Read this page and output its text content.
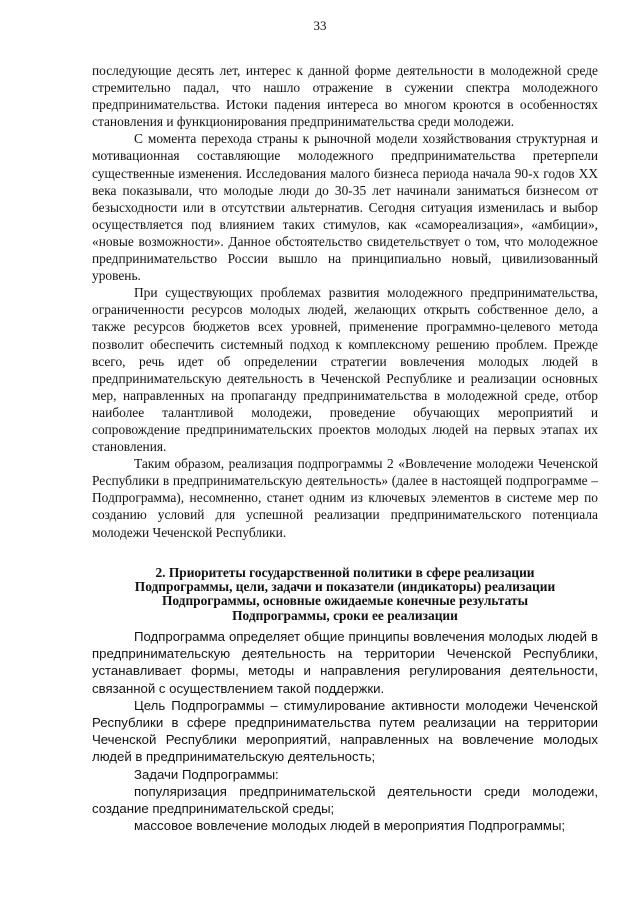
33

последующие десять лет, интерес к данной форме деятельности в молодежной среде стремительно падал, что нашло отражение в сужении спектра молодежного предпринимательства. Истоки падения интереса во многом кроются в особенностях становления и функционирования предпринимательства среди молодежи.

С момента перехода страны к рыночной модели хозяйствования структурная и мотивационная составляющие молодежного предпринимательства претерпели существенные изменения. Исследования малого бизнеса периода начала 90-х годов XX века показывали, что молодые люди до 30-35 лет начинали заниматься бизнесом от безысходности или в отсутствии альтернатив. Сегодня ситуация изменилась и выбор осуществляется под влиянием таких стимулов, как «самореализация», «амбиции», «новые возможности». Данное обстоятельство свидетельствует о том, что молодежное предпринимательство России вышло на принципиально новый, цивилизованный уровень.

При существующих проблемах развития молодежного предпринимательства, ограниченности ресурсов молодых людей, желающих открыть собственное дело, а также ресурсов бюджетов всех уровней, применение программно-целевого метода позволит обеспечить системный подход к комплексному решению проблем. Прежде всего, речь идет об определении стратегии вовлечения молодых людей в предпринимательскую деятельность в Чеченской Республике и реализации основных мер, направленных на пропаганду предпринимательства в молодежной среде, отбор наиболее талантливой молодежи, проведение обучающих мероприятий и сопровождение предпринимательских проектов молодых людей на первых этапах их становления.

Таким образом, реализация подпрограммы 2 «Вовлечение молодежи Чеченской Республики в предпринимательскую деятельность» (далее в настоящей подпрограмме – Подпрограмма), несомненно, станет одним из ключевых элементов в системе мер по созданию условий для успешной реализации предпринимательского потенциала молодежи Чеченской Республики.

2. Приоритеты государственной политики в сфере реализации
Подпрограммы, цели, задачи и показатели (индикаторы) реализации
Подпрограммы, основные ожидаемые конечные результаты
Подпрограммы, сроки ее реализации

Подпрограмма определяет общие принципы вовлечения молодых людей в предпринимательскую деятельность на территории Чеченской Республики, устанавливает формы, методы и направления регулирования деятельности, связанной с осуществлением такой поддержки.

Цель Подпрограммы – стимулирование активности молодежи Чеченской Республики в сфере предпринимательства путем реализации на территории Чеченской Республики мероприятий, направленных на вовлечение молодых людей в предпринимательскую деятельность;

Задачи Подпрограммы:

популяризация предпринимательской деятельности среди молодежи, создание предпринимательской среды;

массовое вовлечение молодых людей в мероприятия Подпрограммы;
